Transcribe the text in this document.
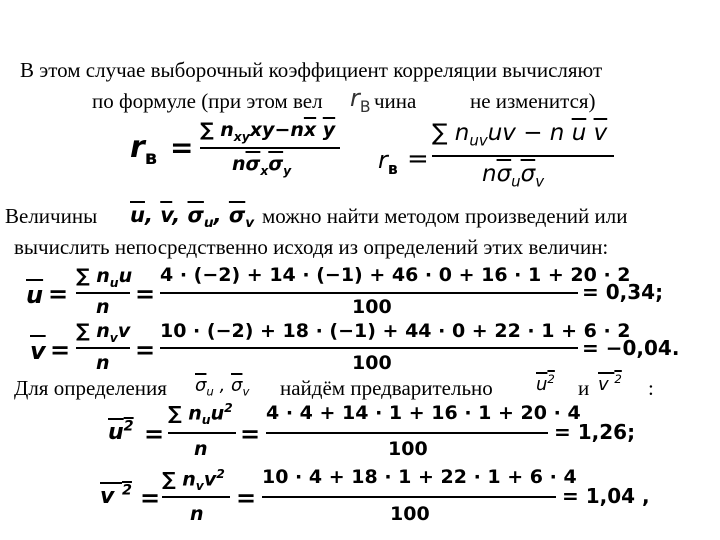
В этом случае выборочный коэффициент корреляции вычисляют
по формуле (при этом вел чина	не изменится)
$r_В$
$r_в$ =
∑ $n_{xy}xy-n\overline{x}$ $\overline{y}$
$n\overline{\sigma}_x\overline{\sigma}_y$	$r_в$ =
∑ $n_{uv}uv - n$ $\overline{u}$ $\overline{v}$
$n\overline{\sigma}_u\overline{\sigma}_v$
Величины $\overline{u}$, $\overline{v}$, $\overline{\sigma}_u$, $\overline{\sigma}_v$ можно найти методом произведений или
вычислить непосредственно исходя из определений этих величин:
$\overline{u}$ =
∑ $n_uu$
n =
4 · (−2) + 14 · (−1) + 46 · 0 + 16 · 1 + 20 · 2
100
= 0,34;
$\overline{v}$ =
∑ $n_vv$
n =
10 · (−2) + 18 · (−1) + 44 · 0 + 22 · 1 + 6 · 2
100
= −0,04.
Для определения $\overline{\sigma}_u$ , $\overline{\sigma}_v$ найдём предварительно $u^2$ и v $^2$ :
$u^2$ =
∑ $n_uu^2$
n
=
4 · 4 + 14 · 1 + 16 · 1 + 20 · 4
100
= 1,26;
v $^2$ =
∑ $n_vv^2$
n
=
10 · 4 + 18 · 1 + 22 · 1 + 6 · 4
100
= 1,04 ,
